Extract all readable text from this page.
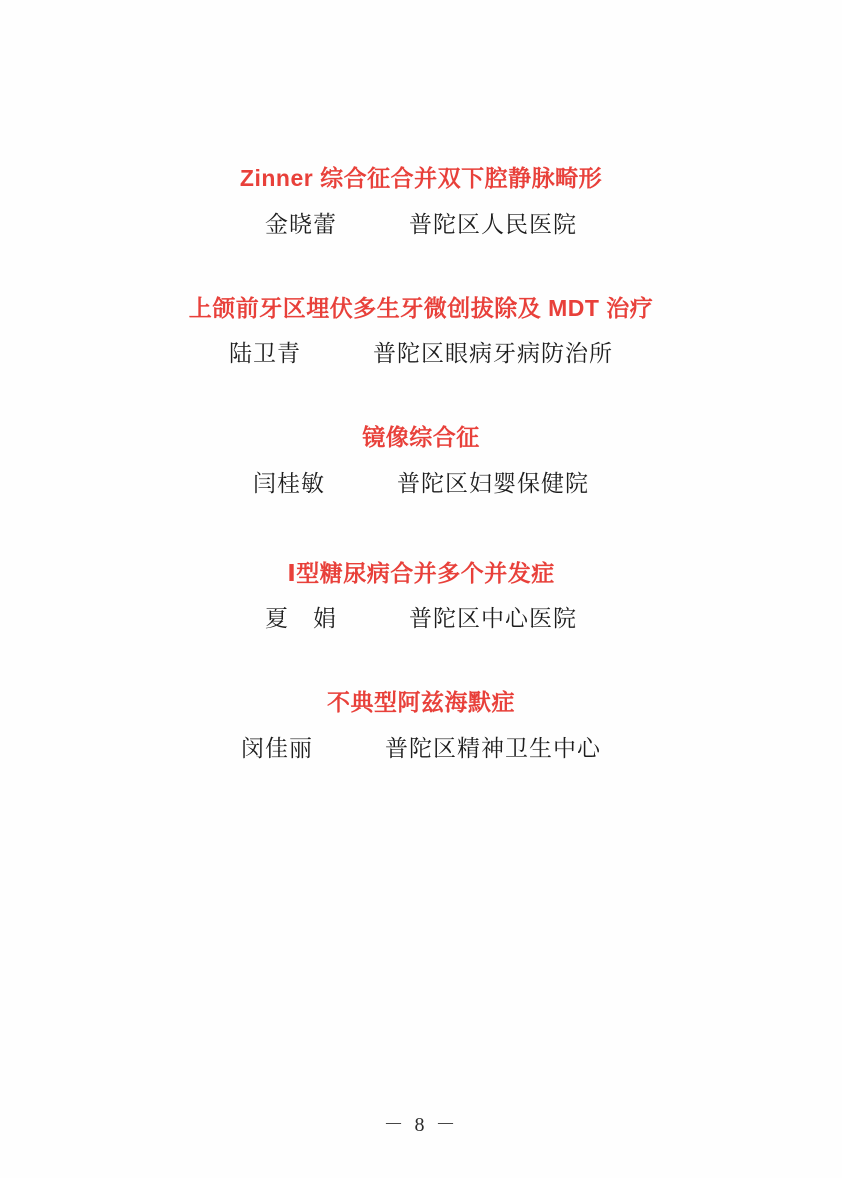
Zinner 综合征合并双下腔静脉畸形
金晓蕾　　　普陀区人民医院
上颌前牙区埋伏多生牙微创拔除及 MDT 治疗
陆卫青　　　普陀区眼病牙病防治所
镜像综合征
闫桂敏　　　普陀区妇婴保健院
Ⅰ型糖尿病合并多个并发症
夏　娟　　　普陀区中心医院
不典型阿兹海默症
闵佳丽　　　普陀区精神卫生中心
－ 8 －
